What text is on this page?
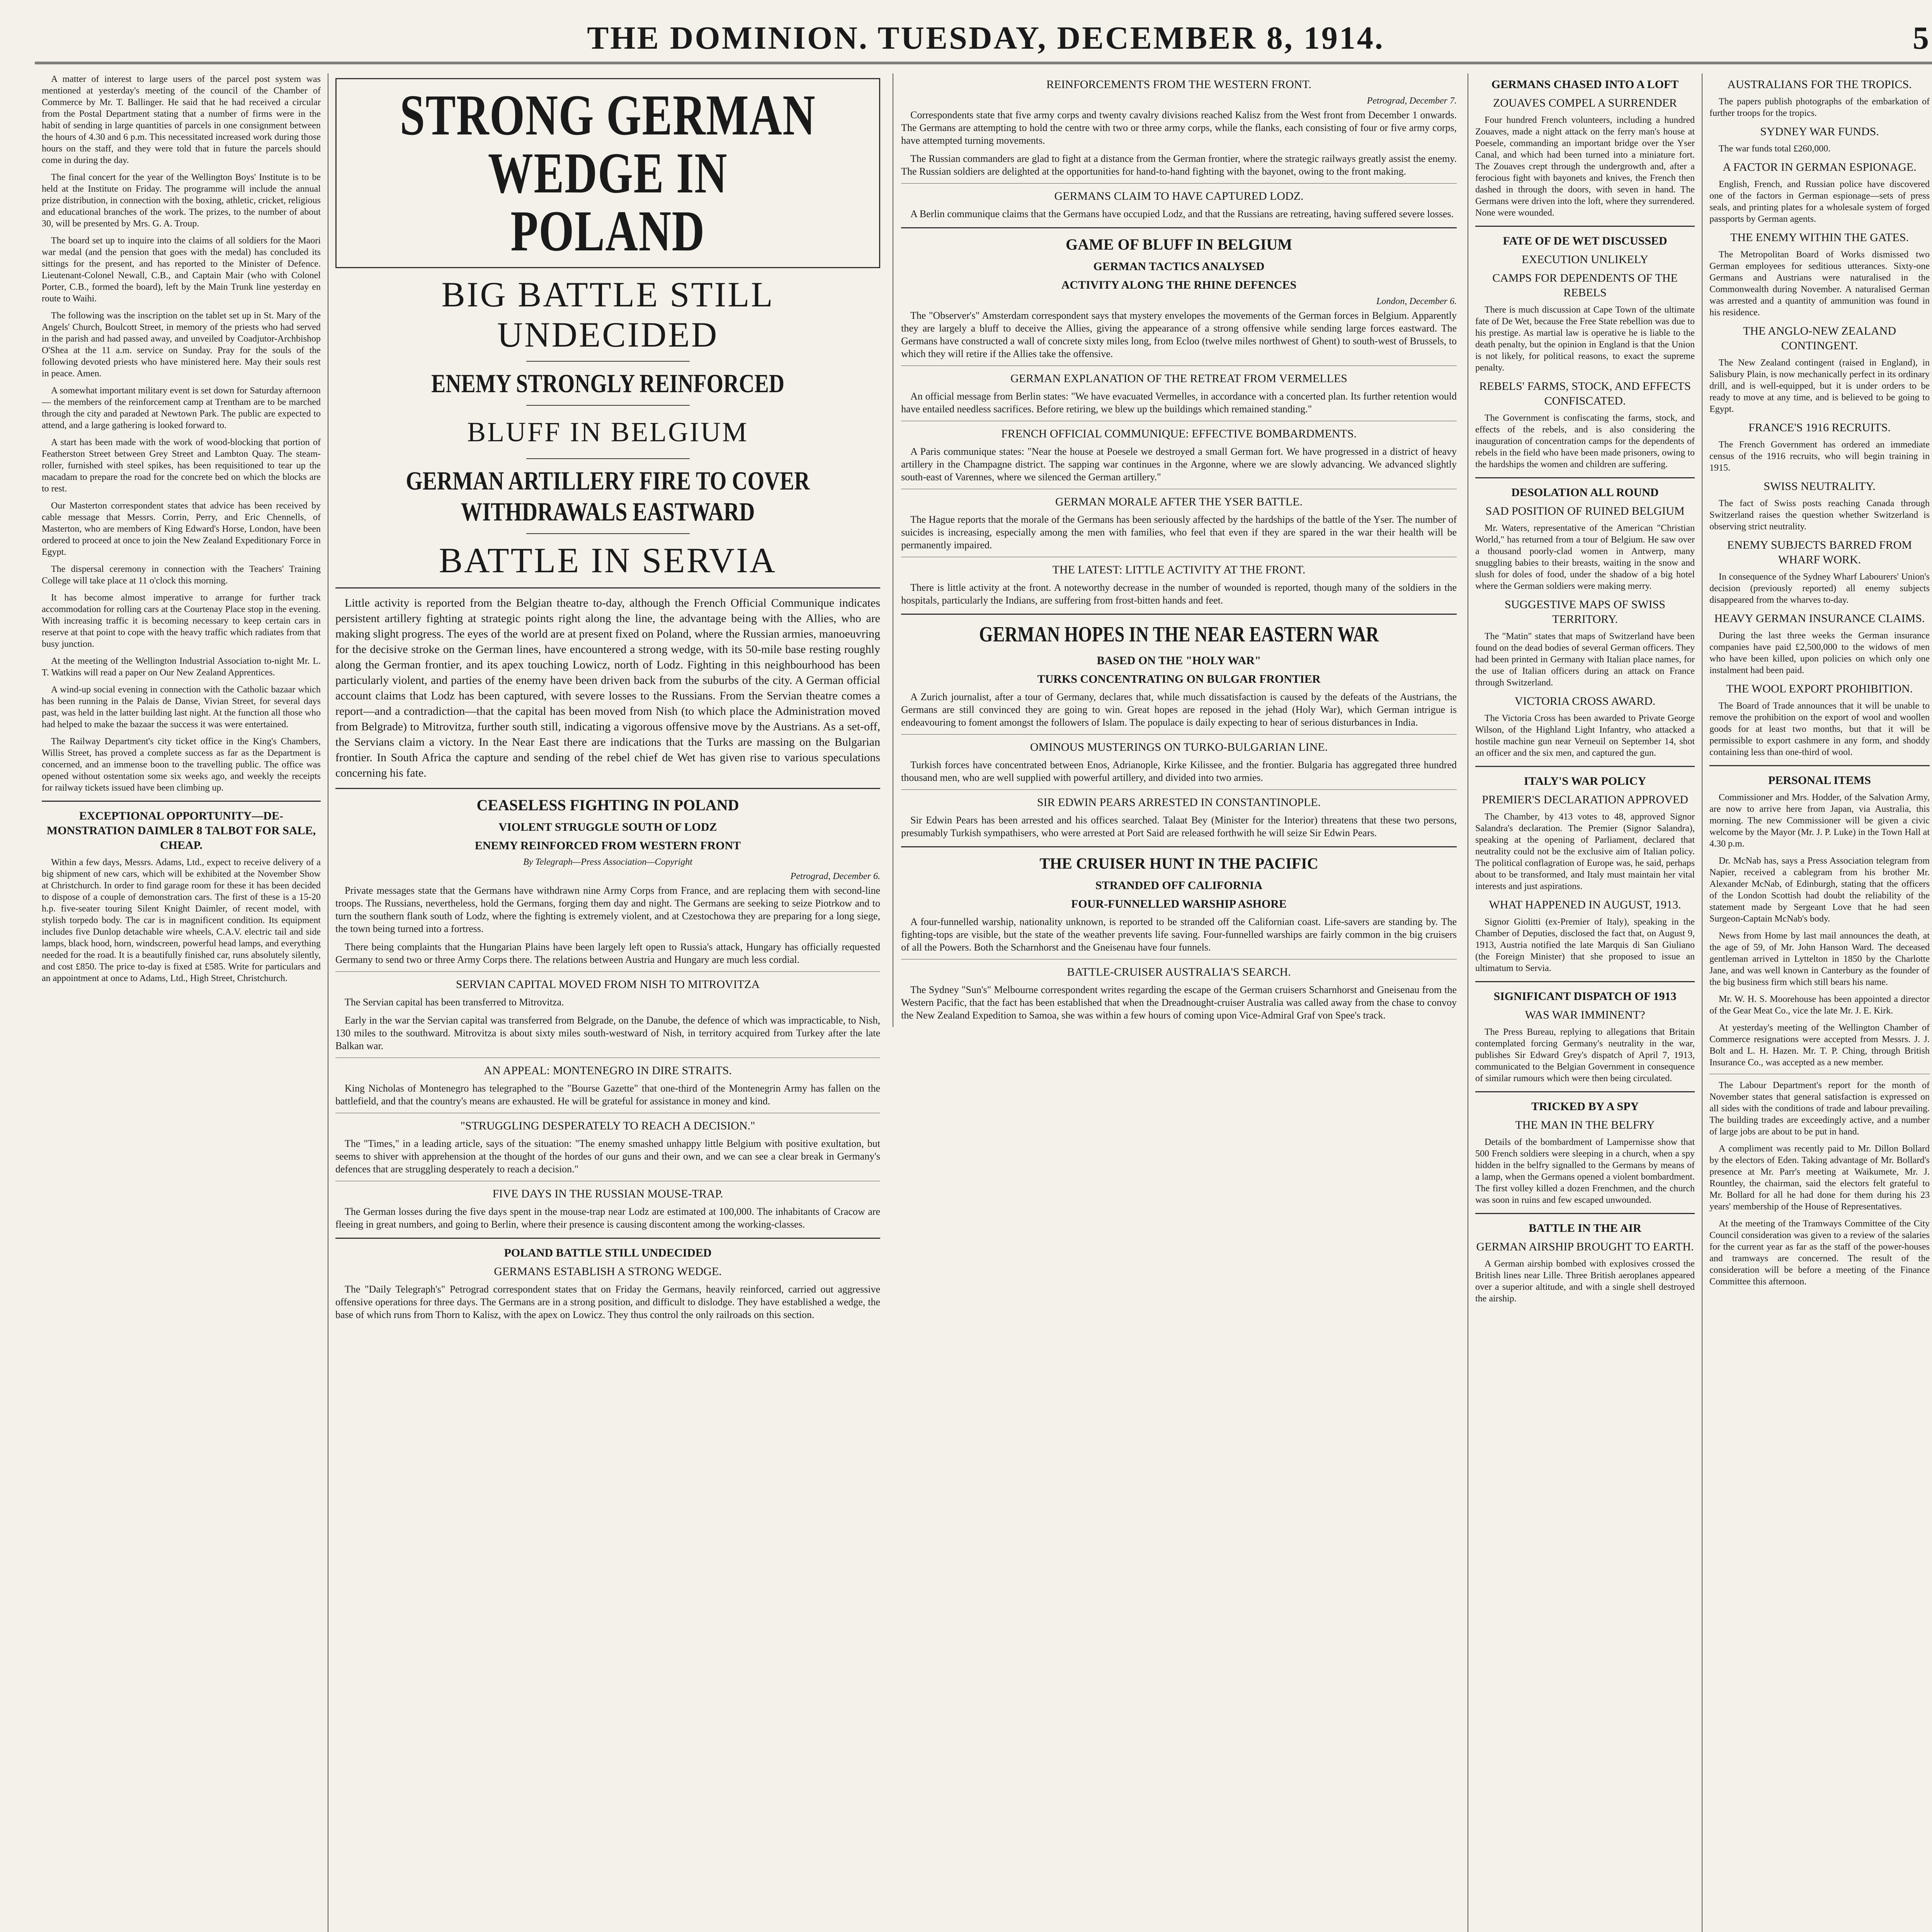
THE DOMINION. TUESDAY, DECEMBER 8, 1914.	5

A matter of interest to large users of the parcel post system was mentioned at yesterday's meeting of the council of the Chamber of Commerce by Mr. T. Ballinger. He said that he had received a circular from the Postal Department stating that a number of firms were in the habit of sending in large quantities of parcels in one consignment between the hours of 4.30 and 6 p.m. This necessitated increased work during those hours on the staff, and they were told that in future the parcels should come in during the day.

The final concert for the year of the Wellington Boys' Institute is to be held at the Institute on Friday. The programme will include the annual prize distribution, in connection with the boxing, athletic, cricket, religious and educational branches of the work. The prizes, to the number of about 30, will be presented by Mrs. G. A. Troup.

The board set up to inquire into the claims of all soldiers for the Maori war medal (and the pension that goes with the medal) has concluded its sittings for the present, and has reported to the Minister of Defence. Lieutenant-Colonel Newall, C.B., and Captain Mair (who with Colonel Porter, C.B., formed the board), left by the Main Trunk line yesterday en route to Waihi.

The following was the inscription on the tablet set up in St. Mary of the Angels' Church, Boulcott Street, in memory of the priests who had served in the parish and had passed away, and unveiled by Coadjutor-Archbishop O'Shea at the 11 a.m. service on Sunday. Pray for the souls of the following devoted priests who have ministered here. May their souls rest in peace. Amen.

A somewhat important military event is set down for Saturday afternoon — the members of the reinforcement camp at Trentham are to be marched through the city and paraded at Newtown Park. The public are expected to attend, and a large gathering is looked forward to.

A start has been made with the work of wood-blocking that portion of Featherston Street between Grey Street and Lambton Quay. The steam-roller, furnished with steel spikes, has been requisitioned to tear up the macadam to prepare the road for the concrete bed on which the blocks are to rest.

Our Masterton correspondent states that advice has been received by cable message that Messrs. Corrin, Perry, and Eric Chennells, of Masterton, who are members of King Edward's Horse, London, have been ordered to proceed at once to join the New Zealand Expeditionary Force in Egypt.

The dispersal ceremony in connection with the Teachers' Training College will take place at 11 o'clock this morning.

It has become almost imperative to arrange for further track accommodation for rolling cars at the Courtenay Place stop in the evening. With increasing traffic it is becoming necessary to keep certain cars in reserve at that point to cope with the heavy traffic which radiates from that busy junction.

At the meeting of the Wellington Industrial Association to-night Mr. L. T. Watkins will read a paper on Our New Zealand Apprentices.

A wind-up social evening in connection with the Catholic bazaar which has been running in the Palais de Danse, Vivian Street, for several days past, was held in the latter building last night. At the function all those who had helped to make the bazaar the success it was were entertained.

The Railway Department's city ticket office in the King's Chambers, Willis Street, has proved a complete success as far as the Department is concerned, and an immense boon to the travelling public. The office was opened without ostentation some six weeks ago, and weekly the receipts for railway tickets issued have been climbing up.

EXCEPTIONAL OPPORTUNITY—DE-MONSTRATION DAIMLER 8 TALBOT FOR SALE, CHEAP.

Within a few days, Messrs. Adams, Ltd., expect to receive delivery of a big shipment of new cars, which will be exhibited at the November Show at Christchurch. In order to find garage room for these it has been decided to dispose of a couple of demonstration cars. The first of these is a 15-20 h.p. five-seater touring Silent Knight Daimler, of recent model, with stylish torpedo body. The car is in magnificent condition. Its equipment includes five Dunlop detachable wire wheels, C.A.V. electric tail and side lamps, black hood, horn, windscreen, powerful head lamps, and everything needed for the road. It is a beautifully finished car, runs absolutely silently, and cost £850. The price to-day is fixed at £585. Write for particulars and an appointment at once to Adams, Ltd., High Street, Christchurch.

STRONG GERMAN WEDGE IN POLAND
BIG BATTLE STILL UNDECIDED
ENEMY STRONGLY REINFORCED
BLUFF IN BELGIUM
GERMAN ARTILLERY FIRE TO COVER WITHDRAWALS EASTWARD
BATTLE IN SERVIA

Little activity is reported from the Belgian theatre to-day, although the French Official Communique indicates persistent artillery fighting at strategic points right along the line, the advantage being with the Allies, who are making slight progress. The eyes of the world are at present fixed on Poland, where the Russian armies, manoeuvring for the decisive stroke on the German lines, have encountered a strong wedge, with its 50-mile base resting roughly along the German frontier, and its apex touching Lowicz, north of Lodz. Fighting in this neighbourhood has been particularly violent, and parties of the enemy have been driven back from the suburbs of the city. A German official account claims that Lodz has been captured, with severe losses to the Russians. From the Servian theatre comes a report—and a contradiction—that the capital has been moved from Nish (to which place the Administration moved from Belgrade) to Mitrovitza, further south still, indicating a vigorous offensive move by the Austrians. As a set-off, the Servians claim a victory. In the Near East there are indications that the Turks are massing on the Bulgarian frontier. In South Africa the capture and sending of the rebel chief de Wet has given rise to various speculations concerning his fate.

CEASELESS FIGHTING IN POLAND
VIOLENT STRUGGLE SOUTH OF LODZ
ENEMY REINFORCED FROM WESTERN FRONT
By Telegraph—Press Association—Copyright
Petrograd, December 6.

Private messages state that the Germans have withdrawn nine Army Corps from France, and are replacing them with second-line troops. The Russians, nevertheless, hold the Germans, forging them day and night. The Germans are seeking to seize Piotrkow and to turn the southern flank south of Lodz, where the fighting is extremely violent, and at Czestochowa they are preparing for a long siege, the town being turned into a fortress.

There being complaints that the Hungarian Plains have been largely left open to Russia's attack, Hungary has officially requested Germany to send two or three Army Corps there. The relations between Austria and Hungary are much less cordial.

SERVIAN CAPITAL MOVED FROM NISH TO MITROVITZA

The Servian capital has been transferred to Mitrovitza.

Early in the war the Servian capital was transferred from Belgrade, on the Danube, the defence of which was impracticable, to Nish, 130 miles to the southward. Mitrovitza is about sixty miles south-westward of Nish, in territory acquired from Turkey after the late Balkan war.

AN APPEAL: MONTENEGRO IN DIRE STRAITS.

King Nicholas of Montenegro has telegraphed to the "Bourse Gazette" that one-third of the Montenegrin Army has fallen on the battlefield, and that the country's means are exhausted. He will be grateful for assistance in money and kind.

"STRUGGLING DESPERATELY TO REACH A DECISION."

The "Times," in a leading article, says of the situation: "The enemy smashed unhappy little Belgium with positive exultation, but seems to shiver with apprehension at the thought of the hordes of our guns and their own, and we can see a clear break in Germany's defences that are struggling desperately to reach a decision."

FIVE DAYS IN THE RUSSIAN MOUSE-TRAP.

The German losses during the five days spent in the mouse-trap near Lodz are estimated at 100,000. The inhabitants of Cracow are fleeing in great numbers, and going to Berlin, where their presence is causing discontent among the working-classes.

POLAND BATTLE STILL UNDECIDED
GERMANS ESTABLISH A STRONG WEDGE.

The "Daily Telegraph's" Petrograd correspondent states that on Friday the Germans, heavily reinforced, carried out aggressive offensive operations for three days. The Germans are in a strong position, and difficult to dislodge. They have established a wedge, the base of which runs from Thorn to Kalisz, with the apex on Lowicz. They thus control the only railroads on this section.

REINFORCEMENTS FROM THE WESTERN FRONT.
Petrograd, December 7.

Correspondents state that five army corps and twenty cavalry divisions reached Kalisz from the West front from December 1 onwards. The Germans are attempting to hold the centre with two or three army corps, while the flanks, each consisting of four or five army corps, have attempted turning movements.

The Russian commanders are glad to fight at a distance from the German frontier, where the strategic railways greatly assist the enemy. The Russian soldiers are delighted at the opportunities for hand-to-hand fighting with the bayonet, owing to the front making.

GERMANS CLAIM TO HAVE CAPTURED LODZ.

A Berlin communique claims that the Germans have occupied Lodz, and that the Russians are retreating, having suffered severe losses.

GAME OF BLUFF IN BELGIUM
GERMAN TACTICS ANALYSED
ACTIVITY ALONG THE RHINE DEFENCES
London, December 6.

The "Observer's" Amsterdam correspondent says that mystery envelopes the movements of the German forces in Belgium. Apparently they are largely a bluff to deceive the Allies, giving the appearance of a strong offensive while sending large forces eastward. The Germans have constructed a wall of concrete sixty miles long, from Ecloo (twelve miles northwest of Ghent) to south-west of Brussels, to which they will retire if the Allies take the offensive.

GERMAN EXPLANATION OF THE RETREAT FROM VERMELLES

An official message from Berlin states: "We have evacuated Vermelles, in accordance with a concerted plan. Its further retention would have entailed needless sacrifices. Before retiring, we blew up the buildings which remained standing."

FRENCH OFFICIAL COMMUNIQUE: EFFECTIVE BOMBARDMENTS.

A Paris communique states: "Near the house at Poesele we destroyed a small German fort. We have progressed in a district of heavy artillery in the Champagne district. The sapping war continues in the Argonne, where we are slowly advancing. We advanced slightly south-east of Varennes, where we silenced the German artillery."

GERMAN MORALE AFTER THE YSER BATTLE.

The Hague reports that the morale of the Germans has been seriously affected by the hardships of the battle of the Yser. The number of suicides is increasing, especially among the men with families, who feel that even if they are spared in the war their health will be permanently impaired.

THE LATEST: LITTLE ACTIVITY AT THE FRONT.

There is little activity at the front. A noteworthy decrease in the number of wounded is reported, though many of the soldiers in the hospitals, particularly the Indians, are suffering from frost-bitten hands and feet.

GERMAN HOPES IN THE NEAR EASTERN WAR
BASED ON THE "HOLY WAR"
TURKS CONCENTRATING ON BULGAR FRONTIER

A Zurich journalist, after a tour of Germany, declares that, while much dissatisfaction is caused by the defeats of the Austrians, the Germans are still convinced they are going to win. Great hopes are reposed in the jehad (Holy War), which German intrigue is endeavouring to foment amongst the followers of Islam. The populace is daily expecting to hear of serious disturbances in India.

OMINOUS MUSTERINGS ON TURKO-BULGARIAN LINE.

Turkish forces have concentrated between Enos, Adrianople, Kirke Kilissee, and the frontier. Bulgaria has aggregated three hundred thousand men, who are well supplied with powerful artillery, and divided into two armies.

SIR EDWIN PEARS ARRESTED IN CONSTANTINOPLE.

Sir Edwin Pears has been arrested and his offices searched. Talaat Bey (Minister for the Interior) threatens that these two persons, presumably Turkish sympathisers, who were arrested at Port Said are released forthwith he will seize Sir Edwin Pears.

THE CRUISER HUNT IN THE PACIFIC
STRANDED OFF CALIFORNIA
FOUR-FUNNELLED WARSHIP ASHORE

A four-funnelled warship, nationality unknown, is reported to be stranded off the Californian coast. Life-savers are standing by. The fighting-tops are visible, but the state of the weather prevents life saving. Four-funnelled warships are fairly common in the big cruisers of all the Powers. Both the Scharnhorst and the Gneisenau have four funnels.

BATTLE-CRUISER AUSTRALIA'S SEARCH.

The Sydney "Sun's" Melbourne correspondent writes regarding the escape of the German cruisers Scharnhorst and Gneisenau from the Western Pacific, that the fact has been established that when the Dreadnought-cruiser Australia was called away from the chase to convoy the New Zealand Expedition to Samoa, she was within a few hours of coming upon Vice-Admiral Graf von Spee's track.

GERMANS CHASED INTO A LOFT
ZOUAVES COMPEL A SURRENDER

Four hundred French volunteers, including a hundred Zouaves, made a night attack on the ferry man's house at Poesele, commanding an important bridge over the Yser Canal, and which had been turned into a miniature fort. The Zouaves crept through the undergrowth and, after a ferocious fight with bayonets and knives, the French then dashed in through the doors, with seven in hand. The Germans were driven into the loft, where they surrendered. None were wounded.

FATE OF DE WET DISCUSSED
EXECUTION UNLIKELY
CAMPS FOR DEPENDENTS OF THE REBELS

There is much discussion at Cape Town of the ultimate fate of De Wet, because the Free State rebellion was due to his prestige. As martial law is operative he is liable to the death penalty, but the opinion in England is that the Union is not likely, for political reasons, to exact the supreme penalty.

REBELS' FARMS, STOCK, AND EFFECTS CONFISCATED.

The Government is confiscating the farms, stock, and effects of the rebels, and is also considering the inauguration of concentration camps for the dependents of rebels in the field who have been made prisoners, owing to the hardships the women and children are suffering.

DESOLATION ALL ROUND
SAD POSITION OF RUINED BELGIUM

Mr. Waters, representative of the American "Christian World," has returned from a tour of Belgium. He saw over a thousand poorly-clad women in Antwerp, many snuggling babies to their breasts, waiting in the snow and slush for doles of food, under the shadow of a big hotel where the German soldiers were making merry.

SUGGESTIVE MAPS OF SWISS TERRITORY.

The "Matin" states that maps of Switzerland have been found on the dead bodies of several German officers. They had been printed in Germany with Italian place names, for the use of Italian officers during an attack on France through Switzerland.

VICTORIA CROSS AWARD.

The Victoria Cross has been awarded to Private George Wilson, of the Highland Light Infantry, who attacked a hostile machine gun near Verneuil on September 14, shot an officer and the six men, and captured the gun.

ITALY'S WAR POLICY
PREMIER'S DECLARATION APPROVED

The Chamber, by 413 votes to 48, approved Signor Salandra's declaration. The Premier (Signor Salandra), speaking at the opening of Parliament, declared that neutrality could not be the exclusive aim of Italian policy. The political conflagration of Europe was, he said, perhaps about to be transformed, and Italy must maintain her vital interests and just aspirations.

WHAT HAPPENED IN AUGUST, 1913.

Signor Giolitti (ex-Premier of Italy), speaking in the Chamber of Deputies, disclosed the fact that, on August 9, 1913, Austria notified the late Marquis di San Giuliano (the Foreign Minister) that she proposed to issue an ultimatum to Servia.

SIGNIFICANT DISPATCH OF 1913
WAS WAR IMMINENT?

The Press Bureau, replying to allegations that Britain contemplated forcing Germany's neutrality in the war, publishes Sir Edward Grey's dispatch of April 7, 1913, communicated to the Belgian Government in consequence of similar rumours which were then being circulated.

TRICKED BY A SPY
THE MAN IN THE BELFRY

Details of the bombardment of Lampernisse show that 500 French soldiers were sleeping in a church, when a spy hidden in the belfry signalled to the Germans by means of a lamp, when the Germans opened a violent bombardment. The first volley killed a dozen Frenchmen, and the church was soon in ruins and few escaped unwounded.

BATTLE IN THE AIR
GERMAN AIRSHIP BROUGHT TO EARTH.

A German airship bombed with explosives crossed the British lines near Lille. Three British aeroplanes appeared over a superior altitude, and with a single shell destroyed the airship.

AUSTRALIANS FOR THE TROPICS.

The papers publish photographs of the embarkation of further troops for the tropics.

SYDNEY WAR FUNDS.

The war funds total £260,000.

A FACTOR IN GERMAN ESPIONAGE.

English, French, and Russian police have discovered one of the factors in German espionage—sets of press seals, and printing plates for a wholesale system of forged passports by German agents.

THE ENEMY WITHIN THE GATES.

The Metropolitan Board of Works dismissed two German employees for seditious utterances. Sixty-one Germans and Austrians were naturalised in the Commonwealth during November. A naturalised German was arrested and a quantity of ammunition was found in his residence.

THE ANGLO-NEW ZEALAND CONTINGENT.

The New Zealand contingent (raised in England), in Salisbury Plain, is now mechanically perfect in its ordinary drill, and is well-equipped, but it is under orders to be ready to move at any time, and is believed to be going to Egypt.

FRANCE'S 1916 RECRUITS.

The French Government has ordered an immediate census of the 1916 recruits, who will begin training in 1915.

SWISS NEUTRALITY.

The fact of Swiss posts reaching Canada through Switzerland raises the question whether Switzerland is observing strict neutrality.

ENEMY SUBJECTS BARRED FROM WHARF WORK.

In consequence of the Sydney Wharf Labourers' Union's decision (previously reported) all enemy subjects disappeared from the wharves to-day.

HEAVY GERMAN INSURANCE CLAIMS.

During the last three weeks the German insurance companies have paid £2,500,000 to the widows of men who have been killed, upon policies on which only one instalment had been paid.

THE WOOL EXPORT PROHIBITION.

The Board of Trade announces that it will be unable to remove the prohibition on the export of wool and woollen goods for at least two months, but that it will be permissible to export cashmere in any form, and shoddy containing less than one-third of wool.

PERSONAL ITEMS

Commissioner and Mrs. Hodder, of the Salvation Army, are now to arrive here from Japan, via Australia, this morning. The new Commissioner will be given a civic welcome by the Mayor (Mr. J. P. Luke) in the Town Hall at 4.30 p.m.

Dr. McNab has, says a Press Association telegram from Napier, received a cablegram from his brother Mr. Alexander McNab, of Edinburgh, stating that the officers of the London Scottish had doubt the reliability of the statement made by Sergeant Love that he had seen Surgeon-Captain McNab's body.

News from Home by last mail announces the death, at the age of 59, of Mr. John Hanson Ward. The deceased gentleman arrived in Lyttelton in 1850 by the Charlotte Jane, and was well known in Canterbury as the founder of the big business firm which still bears his name.

Mr. W. H. S. Moorehouse has been appointed a director of the Gear Meat Co., vice the late Mr. J. E. Kirk.

At yesterday's meeting of the Wellington Chamber of Commerce resignations were accepted from Messrs. J. J. Bolt and L. H. Hazen. Mr. T. P. Ching, through British Insurance Co., was accepted as a new member.

The Labour Department's report for the month of November states that general satisfaction is expressed on all sides with the conditions of trade and labour prevailing. The building trades are exceedingly active, and a number of large jobs are about to be put in hand.

A compliment was recently paid to Mr. Dillon Bollard by the electors of Eden. Taking advantage of Mr. Bollard's presence at Mr. Parr's meeting at Waikumete, Mr. J. Rountley, the chairman, said the electors felt grateful to Mr. Bollard for all he had done for them during his 23 years' membership of the House of Representatives.

At the meeting of the Tramways Committee of the City Council consideration was given to a review of the salaries for the current year as far as the staff of the power-houses and tramways are concerned. The result of the consideration will be before a meeting of the Finance Committee this afternoon.
